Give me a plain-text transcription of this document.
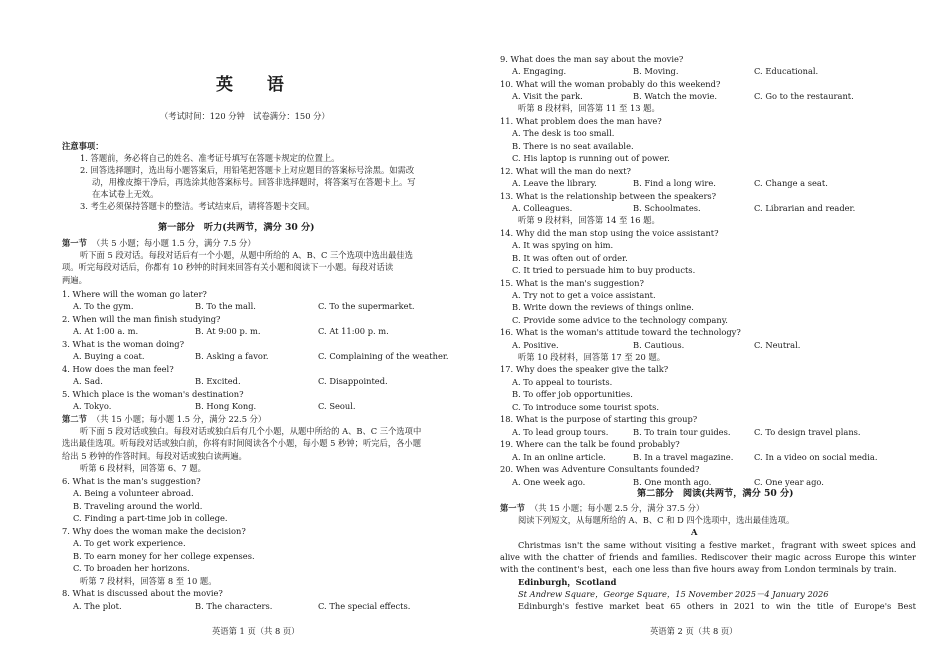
英 语
（考试时间：120 分钟　试卷满分：150 分）
注意事项：
1. 答题前，务必将自己的姓名、准考证号填写在答题卡规定的位置上。
2. 回答选择题时，选出每小题答案后，用铅笔把答题卡上对应题目的答案标号涂黑。如需改
动，用橡皮擦干净后，再选涂其他答案标号。回答非选择题时，将答案写在答题卡上。写
在本试卷上无效。
3. 考生必须保持答题卡的整洁。考试结束后，请将答题卡交回。
第一部分　听力(共两节，满分 30 分)
第一节 （共 5 小题；每小题 1.5 分，满分 7.5 分）
听下面 5 段对话。每段对话后有一个小题，从题中所给的 A、B、C 三个选项中选出最佳选
项。听完每段对话后，你都有 10 秒钟的时间来回答有关小题和阅读下一小题。每段对话读
两遍。
1. Where will the woman go later?
A. To the gym.	B. To the mall.	C. To the supermarket.
2. When will the man finish studying?
A. At 1:00 a. m.	B. At 9:00 p. m.	C. At 11:00 p. m.
3. What is the woman doing?
A. Buying a coat.	B. Asking a favor.	C. Complaining of the weather.
4. How does the man feel?
A. Sad.	B. Excited.	C. Disappointed.
5. Which place is the woman's destination?
A. Tokyo.	B. Hong Kong.	C. Seoul.
第二节 （共 15 小题；每小题 1.5 分，满分 22.5 分）
听下面 5 段对话或独白。每段对话或独白后有几个小题，从题中所给的 A、B、C 三个选项中
选出最佳选项。听每段对话或独白前，你将有时间阅读各个小题，每小题 5 秒钟；听完后，各小题
给出 5 秒钟的作答时间。每段对话或独白读两遍。
听第 6 段材料，回答第 6、7 题。
6. What is the man's suggestion?
A. Being a volunteer abroad.
B. Traveling around the world.
C. Finding a part-time job in college.
7. Why does the woman make the decision?
A. To get work experience.
B. To earn money for her college expenses.
C. To broaden her horizons.
听第 7 段材料，回答第 8 至 10 题。
8. What is discussed about the movie?
A. The plot.	B. The characters.	C. The special effects.
英语第 1 页（共 8 页）
9. What does the man say about the movie?
A. Engaging.	B. Moving.	C. Educational.
10. What will the woman probably do this weekend?
A. Visit the park.	B. Watch the movie.	C. Go to the restaurant.
听第 8 段材料，回答第 11 至 13 题。
11. What problem does the man have?
A. The desk is too small.
B. There is no seat available.
C. His laptop is running out of power.
12. What will the man do next?
A. Leave the library.	B. Find a long wire.	C. Change a seat.
13. What is the relationship between the speakers?
A. Colleagues.	B. Schoolmates.	C. Librarian and reader.
听第 9 段材料，回答第 14 至 16 题。
14. Why did the man stop using the voice assistant?
A. It was spying on him.
B. It was often out of order.
C. It tried to persuade him to buy products.
15. What is the man's suggestion?
A. Try not to get a voice assistant.
B. Write down the reviews of things online.
C. Provide some advice to the technology company.
16. What is the woman's attitude toward the technology?
A. Positive.	B. Cautious.	C. Neutral.
听第 10 段材料，回答第 17 至 20 题。
17. Why does the speaker give the talk?
A. To appeal to tourists.
B. To offer job opportunities.
C. To introduce some tourist spots.
18. What is the purpose of starting this group?
A. To lead group tours.	B. To train tour guides.	C. To design travel plans.
19. Where can the talk be found probably?
A. In an online article.	B. In a travel magazine. C. In a video on social media.
20. When was Adventure Consultants founded?
A. One week ago.	B. One month ago.	C. One year ago.
第二部分　阅读(共两节，满分 50 分)
第一节 （共 15 小题；每小题 2.5 分，满分 37.5 分）
阅读下列短文，从每题所给的 A、B、C 和 D 四个选项中，选出最佳选项。
A
Christmas isn't the same without visiting a festive market，fragrant with sweet spices and
alive with the chatter of friends and families. Rediscover their magic across Europe this winter
with the continent's best，each one less than five hours away from London terminals by train.
Edinburgh，Scotland
St Andrew Square，George Square，15 November 2025－4 January 2026
Edinburgh's festive market beat 65 others in 2021 to win the title of Europe's Best
英语第 2 页（共 8 页）
